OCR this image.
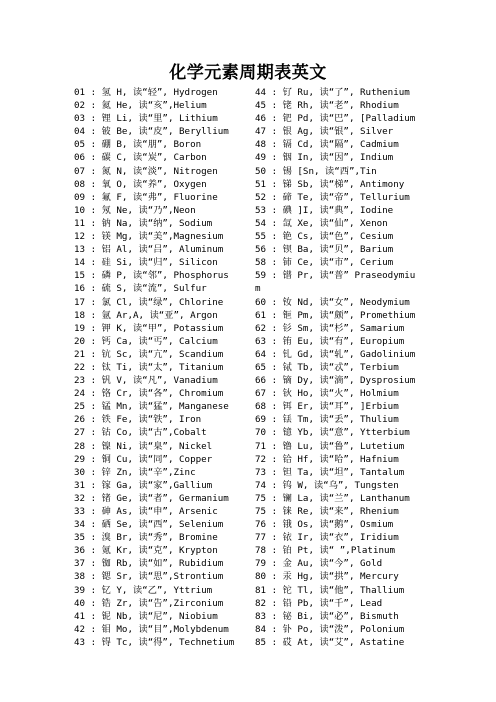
化学元素周期表英文
01 : 氢 H, 读“轻”, Hydrogen
02 : 氦 He, 读“亥”,Helium
03 : 锂 Li, 读“里”, Lithium
04 : 铍 Be, 读“皮”, Beryllium
05 : 硼 B, 读“朋”, Boron
06 : 碳 C, 读“炭”, Carbon
07 : 氮 N, 读“淡”, Nitrogen
08 : 氧 O, 读“养”, Oxygen
09 : 氟 F, 读“弗”, Fluorine
10 : 氖 Ne, 读“乃”,Neon
11 : 钠 Na, 读“纳”, Sodium
12 : 镁 Mg, 读“美”,Magnesium
13 : 铝 Al, 读“吕”, Aluminum
14 : 硅 Si, 读“归”, Silicon
15 : 磷 P, 读“邻”, Phosphorus
16 : 硫 S, 读“流”, Sulfur
17 : 氯 Cl, 读“绿”, Chlorine
18 : 氩 Ar,A, 读“亚”, Argon
19 : 钾 K, 读“甲”, Potassium
20 : 钙 Ca, 读“丐”, Calcium
21 : 钪 Sc, 读“亢”, Scandium
22 : 钛 Ti, 读“太”, Titanium
23 : 钒 V, 读“凡”, Vanadium
24 : 铬 Cr, 读“各”, Chromium
25 : 锰 Mn, 读“猛”, Manganese
26 : 铁 Fe, 读“铁”, Iron
27 : 钴 Co, 读“古”,Cobalt
28 : 镍 Ni, 读“臬”, Nickel
29 : 铜 Cu, 读“同”, Copper
30 : 锌 Zn, 读“辛”,Zinc
31 : 镓 Ga, 读“家”,Gallium
32 : 锗 Ge, 读“者”, Germanium
33 : 砷 As, 读“申”, Arsenic
34 : 硒 Se, 读“西”, Selenium
35 : 溴 Br, 读“秀”, Bromine
36 : 氪 Kr, 读“克”, Krypton
37 : 铷 Rb, 读“如”, Rubidium
38 : 锶 Sr, 读“思”,Strontium
39 : 钇 Y, 读“乙”, Yttrium
40 : 锆 Zr, 读“告”,Zirconium
41 : 铌 Nb, 读“尼”, Niobium
42 : 钼 Mo, 读“目”,Molybdenum
43 : 锝 Tc, 读“得”, Technetium
44 : 钌 Ru, 读“了”, Ruthenium
45 : 铑 Rh, 读“老”, Rhodium
46 : 钯 Pd, 读“巴”, [Palladium
47 : 银 Ag, 读“银”, Silver
48 : 镉 Cd, 读“隔”, Cadmium
49 : 铟 In, 读“因”, Indium
50 : 锡 [Sn, 读“西”,Tin
51 : 锑 Sb, 读“梯”, Antimony
52 : 碲 Te, 读“帝”, Tellurium
53 : 碘 ]I, 读“典”, Iodine
54 : 氙 Xe, 读“仙”, Xenon
55 : 铯 Cs, 读“色”, Cesium
56 : 钡 Ba, 读“贝”, Barium
58 : 铈 Ce, 读“市”, Cerium
59 : 镨 Pr, 读“普” Praseodymiu
m
60 : 钕 Nd, 读“女”, Neodymium
61 : 钷 Pm, 读“颇”, Promethium
62 : 钐 Sm, 读“杉”, Samarium
63 : 铕 Eu, 读“有”, Europium
64 : 钆 Gd, 读“轧”, Gadolinium
65 : 铽 Tb, 读“忒”, Terbium
66 : 镝 Dy, 读“滴”, Dysprosium
67 : 钬 Ho, 读“火”, Holmium
68 : 铒 Er, 读“耳”, ]Erbium
69 : 铥 Tm, 读“丢”, Thulium
70 : 镱 Yb, 读“意”, Ytterbium
71 : 镥 Lu, 读“鲁”, Lutetium
72 : 铪 Hf, 读“哈”, Hafnium
73 : 钽 Ta, 读“坦”, Tantalum
74 : 钨 W, 读“乌”, Tungsten
75 : 镧 La, 读“兰”, Lanthanum
75 : 铼 Re, 读“来”, Rhenium
76 : 锇 Os, 读“鹅”, Osmium
77 : 铱 Ir, 读“衣”, Iridium
78 : 铂 Pt, 读“ ”,Platinum
79 : 金 Au, 读“今”, Gold
80 : 汞 Hg, 读“拱”, Mercury
81 : 铊 Tl, 读“他”, Thallium
82 : 铅 Pb, 读“千”, Lead
83 : 铋 Bi, 读“必”, Bismuth
84 : 钋 Po, 读“泼”, Polonium
85 : 砹 At, 读“艾”, Astatine
